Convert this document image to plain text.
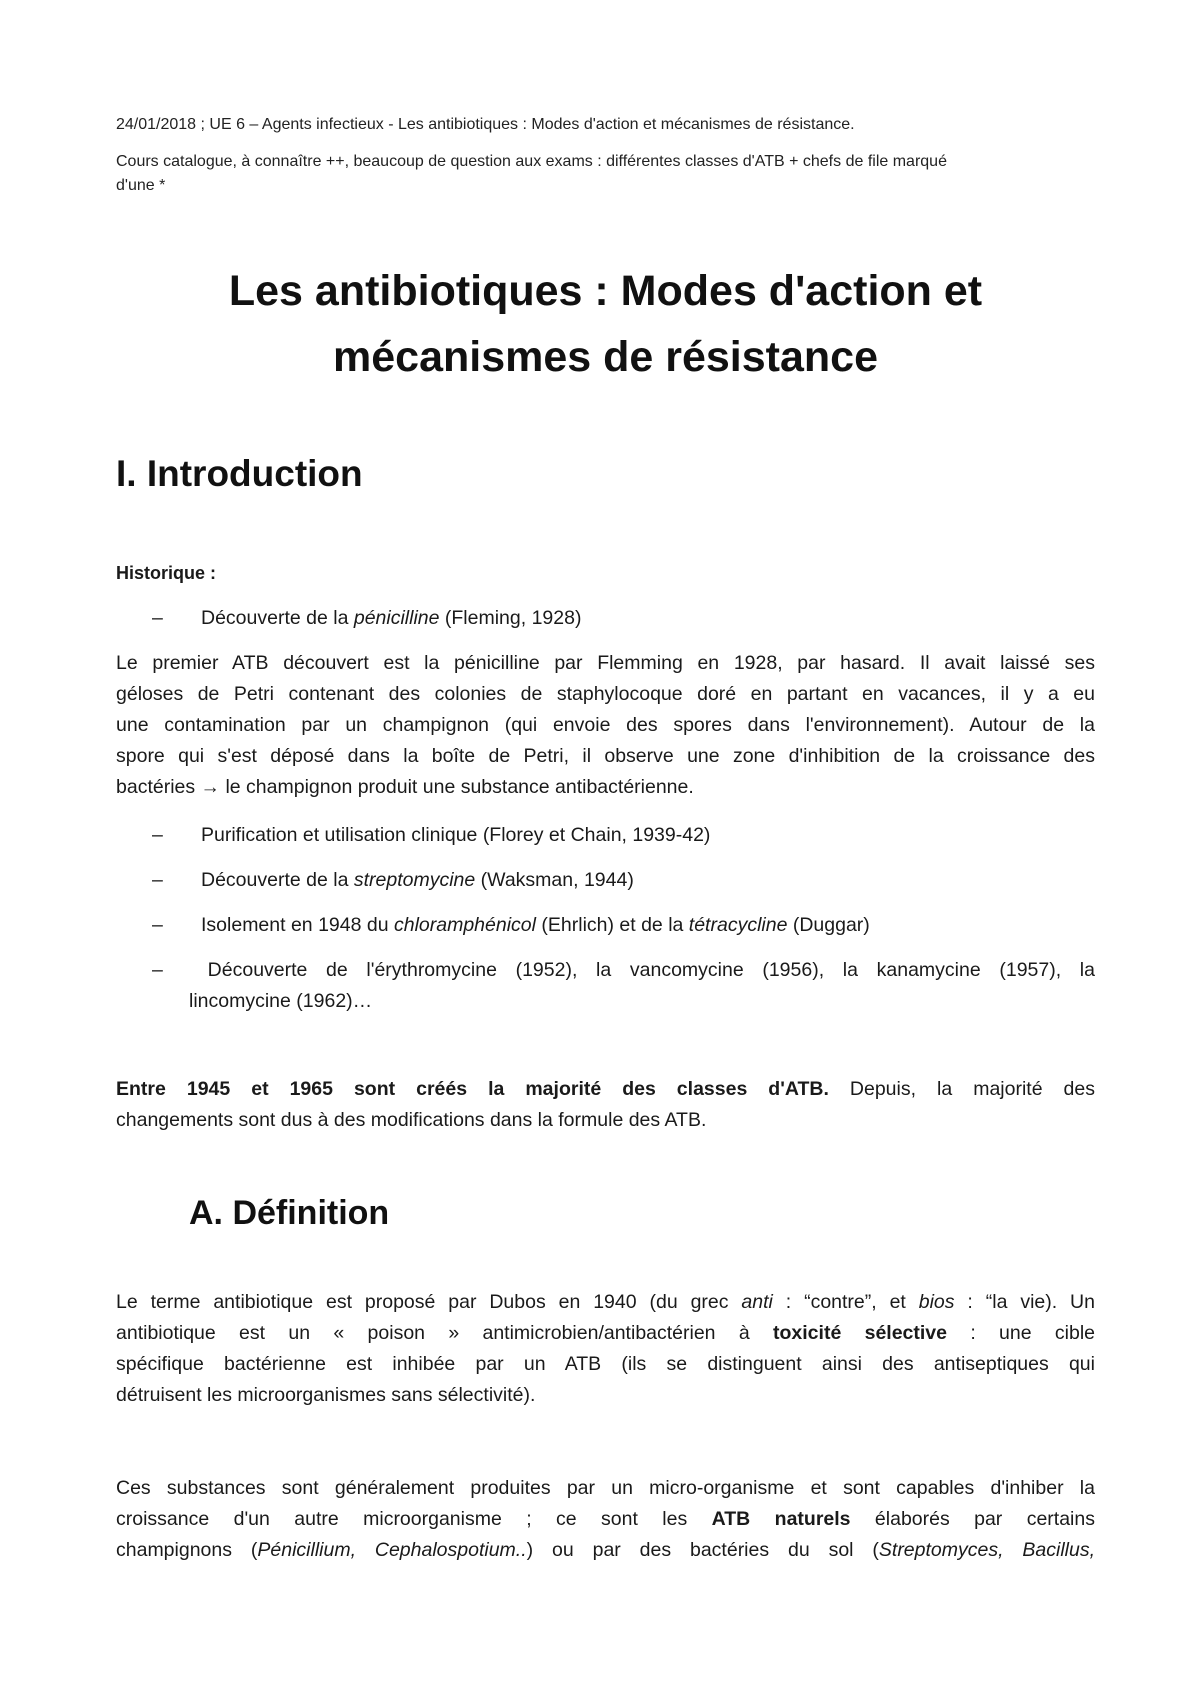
24/01/2018 ; UE 6 – Agents infectieux - Les antibiotiques : Modes d'action et mécanismes de résistance.
Cours catalogue, à connaître ++, beaucoup de question aux exams : différentes classes d'ATB + chefs de file marqué
d'une *
Les antibiotiques : Modes d'action et
mécanismes de résistance
I. Introduction
Historique :
– Découverte de la pénicilline (Fleming, 1928)
Le premier ATB découvert est la pénicilline par Flemming en 1928, par hasard. Il avait laissé ses
géloses de Petri contenant des colonies de staphylocoque doré en partant en vacances, il y a eu
une contamination par un champignon (qui envoie des spores dans l'environnement). Autour de la
spore qui s'est déposé dans la boîte de Petri, il observe une zone d'inhibition de la croissance des
bactéries → le champignon produit une substance antibactérienne.
– Purification et utilisation clinique (Florey et Chain, 1939-42)
– Découverte de la streptomycine (Waksman, 1944)
– Isolement en 1948 du chloramphénicol (Ehrlich) et de la tétracycline (Duggar)
– Découverte de l'érythromycine (1952), la vancomycine (1956), la kanamycine (1957), la
lincomycine (1962)…
Entre 1945 et 1965 sont créés la majorité des classes d'ATB. Depuis, la majorité des
changements sont dus à des modifications dans la formule des ATB.
A. Définition
Le terme antibiotique est proposé par Dubos en 1940 (du grec anti : “contre”, et bios : “la vie). Un
antibiotique est un « poison » antimicrobien/antibactérien à toxicité sélective : une cible
spécifique bactérienne est inhibée par un ATB (ils se distinguent ainsi des antiseptiques qui
détruisent les microorganismes sans sélectivité).
Ces substances sont généralement produites par un micro-organisme et sont capables d'inhiber la
croissance d'un autre microorganisme ; ce sont les ATB naturels élaborés par certains
champignons (Pénicillium, Cephalospotium..) ou par des bactéries du sol (Streptomyces, Bacillus,
